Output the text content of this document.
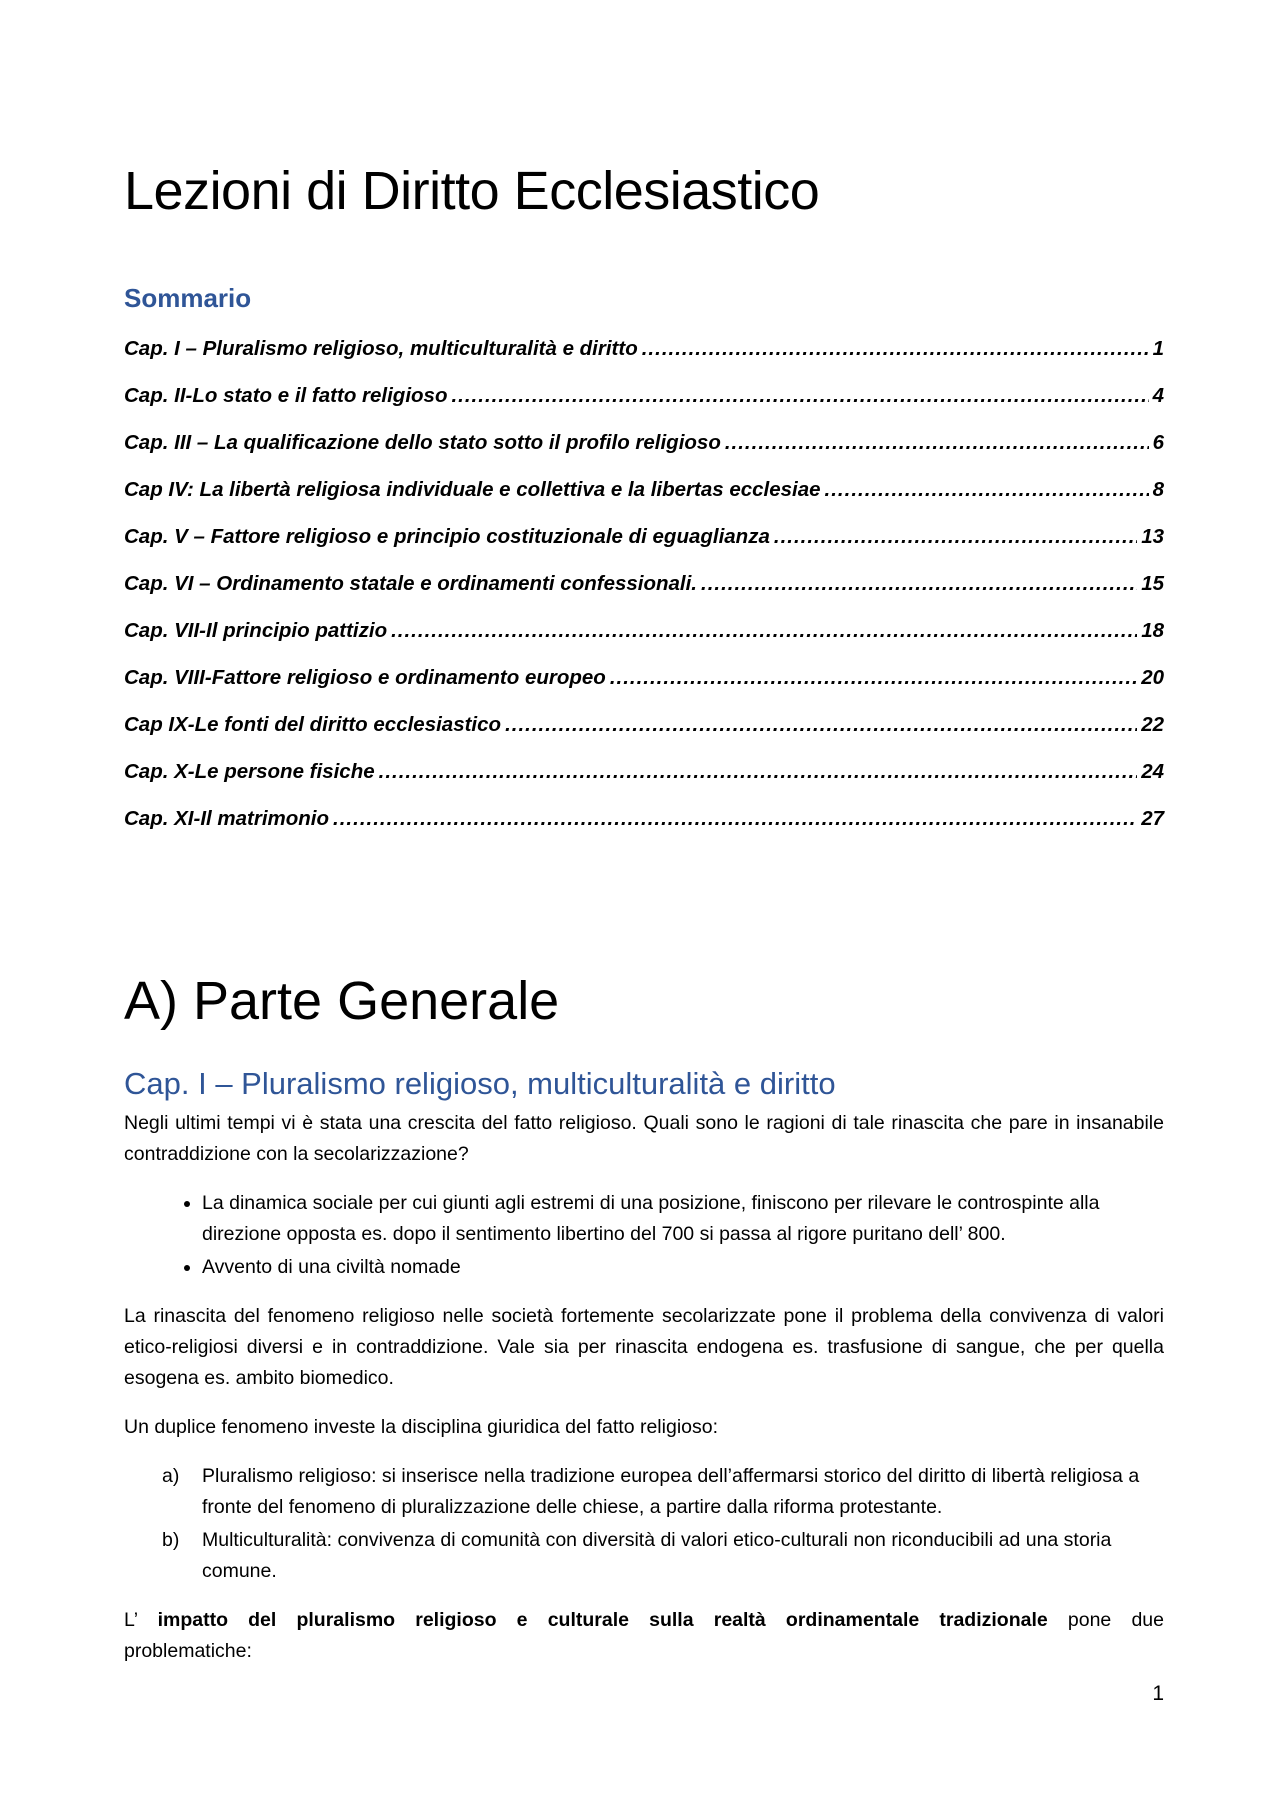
Lezioni di Diritto Ecclesiastico
Sommario
Cap. I – Pluralismo religioso, multiculturalità e diritto .....	1
Cap. II-Lo stato e il fatto religioso .....	4
Cap. III – La qualificazione dello stato sotto il profilo religioso .....	6
Cap IV: La libertà religiosa individuale e collettiva e la libertas ecclesiae .....	8
Cap. V – Fattore religioso e principio costituzionale di eguaglianza .....	13
Cap. VI – Ordinamento statale e ordinamenti confessionali. .....	15
Cap. VII-Il principio pattizio .....	18
Cap. VIII-Fattore religioso e ordinamento europeo .....	20
Cap IX-Le fonti del diritto ecclesiastico .....	22
Cap. X-Le persone fisiche .....	24
Cap. XI-Il matrimonio .....	27
A) Parte Generale
Cap. I – Pluralismo religioso, multiculturalità e diritto

Negli ultimi tempi vi è stata una crescita del fatto religioso. Quali sono le ragioni di tale rinascita che pare in insanabile contraddizione con la secolarizzazione?

• La dinamica sociale per cui giunti agli estremi di una posizione, finiscono per rilevare le controspinte alla direzione opposta es. dopo il sentimento libertino del 700 si passa al rigore puritano dell’ 800.
• Avvento di una civiltà nomade

La rinascita del fenomeno religioso nelle società fortemente secolarizzate pone il problema della convivenza di valori etico-religiosi diversi e in contraddizione. Vale sia per rinascita endogena es. trasfusione di sangue, che per quella esogena es. ambito biomedico.

Un duplice fenomeno investe la disciplina giuridica del fatto religioso:

a) Pluralismo religioso: si inserisce nella tradizione europea dell’affermarsi storico del diritto di libertà religiosa a fronte del fenomeno di pluralizzazione delle chiese, a partire dalla riforma protestante.
b) Multiculturalità: convivenza di comunità con diversità di valori etico-culturali non riconducibili ad una storia comune.

L’ impatto del pluralismo religioso e culturale sulla realtà ordinamentale tradizionale pone due problematiche:

1
